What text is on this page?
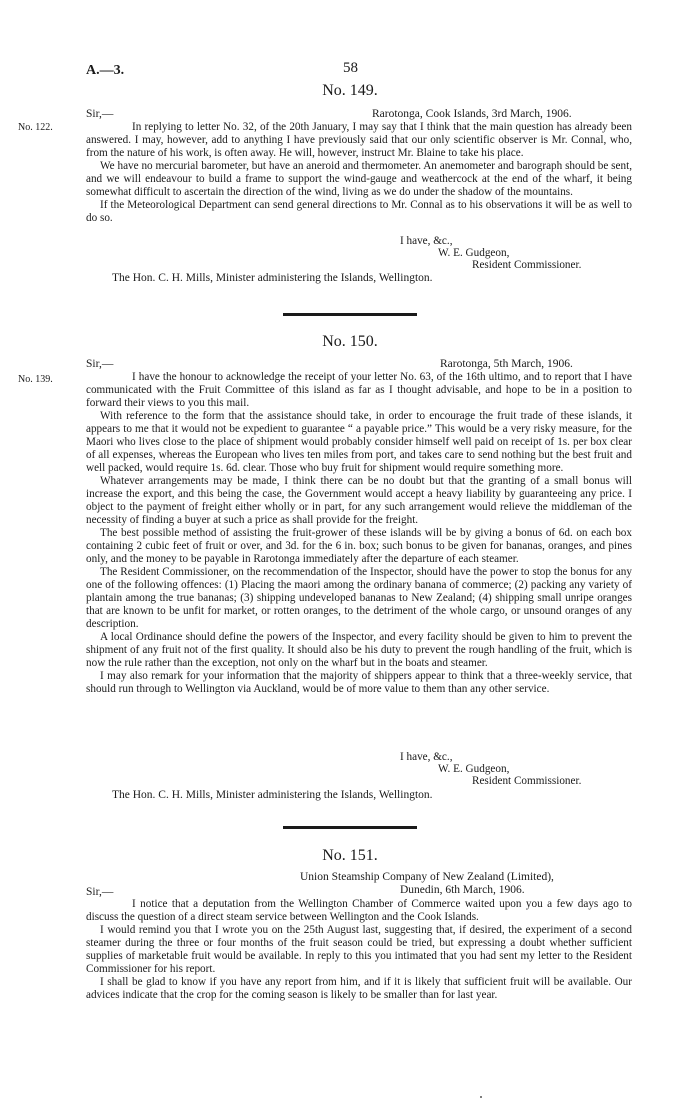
A.—3.	58
No. 149.
Sir,—	Rarotonga, Cook Islands, 3rd March, 1906.
No. 122.	In replying to letter No. 32, of the 20th January, I may say that I think that the main question has already been answered. I may, however, add to anything I have previously said that our only scientific observer is Mr. Connal, who, from the nature of his work, is often away. He will, however, instruct Mr. Blaine to take his place.

We have no mercurial barometer, but have an aneroid and thermometer. An anemometer and barograph should be sent, and we will endeavour to build a frame to support the wind-gauge and weathercock at the end of the wharf, it being somewhat difficult to ascertain the direction of the wind, living as we do under the shadow of the mountains.

If the Meteorological Department can send general directions to Mr. Connal as to his observations it will be as well to do so.

I have, &c.,
W. E. Gudgeon,
Resident Commissioner.
The Hon. C. H. Mills, Minister administering the Islands, Wellington.
No. 150.
Sir,—	Rarotonga, 5th March, 1906.
No. 139.	I have the honour to acknowledge the receipt of your letter No. 63, of the 16th ultimo, and to report that I have communicated with the Fruit Committee of this island as far as I thought advisable, and hope to be in a position to forward their views to you this mail.

With reference to the form that the assistance should take, in order to encourage the fruit trade of these islands, it appears to me that it would not be expedient to guarantee “ a payable price.” This would be a very risky measure, for the Maori who lives close to the place of shipment would probably consider himself well paid on receipt of 1s. per box clear of all expenses, whereas the European who lives ten miles from port, and takes care to send nothing but the best fruit and well packed, would require 1s. 6d. clear. Those who buy fruit for shipment would require something more.

Whatever arrangements may be made, I think there can be no doubt but that the granting of a small bonus will increase the export, and this being the case, the Government would accept a heavy liability by guaranteeing any price. I object to the payment of freight either wholly or in part, for any such arrangement would relieve the middleman of the necessity of finding a buyer at such a price as shall provide for the freight.

The best possible method of assisting the fruit-grower of these islands will be by giving a bonus of 6d. on each box containing 2 cubic feet of fruit or over, and 3d. for the 6 in. box; such bonus to be given for bananas, oranges, and pines only, and the money to be payable in Rarotonga immediately after the departure of each steamer.

The Resident Commissioner, on the recommendation of the Inspector, should have the power to stop the bonus for any one of the following offences: (1) Placing the maori among the ordinary banana of commerce; (2) packing any variety of plantain among the true bananas; (3) shipping undeveloped bananas to New Zealand; (4) shipping small unripe oranges that are known to be unfit for market, or rotten oranges, to the detriment of the whole cargo, or unsound oranges of any description.

A local Ordinance should define the powers of the Inspector, and every facility should be given to him to prevent the shipment of any fruit not of the first quality. It should also be his duty to prevent the rough handling of the fruit, which is now the rule rather than the exception, not only on the wharf but in the boats and steamer.

I may also remark for your information that the majority of shippers appear to think that a three-weekly service, that should run through to Wellington via Auckland, would be of more value to them than any other service.

I have, &c.,
W. E. Gudgeon,
Resident Commissioner.
The Hon. C. H. Mills, Minister administering the Islands, Wellington.
No. 151.
Union Steamship Company of New Zealand (Limited),
Sir,—	Dunedin, 6th March, 1906.

I notice that a deputation from the Wellington Chamber of Commerce waited upon you a few days ago to discuss the question of a direct steam service between Wellington and the Cook Islands.

I would remind you that I wrote you on the 25th August last, suggesting that, if desired, the experiment of a second steamer during the three or four months of the fruit season could be tried, but expressing a doubt whether sufficient supplies of marketable fruit would be available. In reply to this you intimated that you had sent my letter to the Resident Commissioner for his report.

I shall be glad to know if you have any report from him, and if it is likely that sufficient fruit will be available. Our advices indicate that the crop for the coming season is likely to be smaller than for last year.
